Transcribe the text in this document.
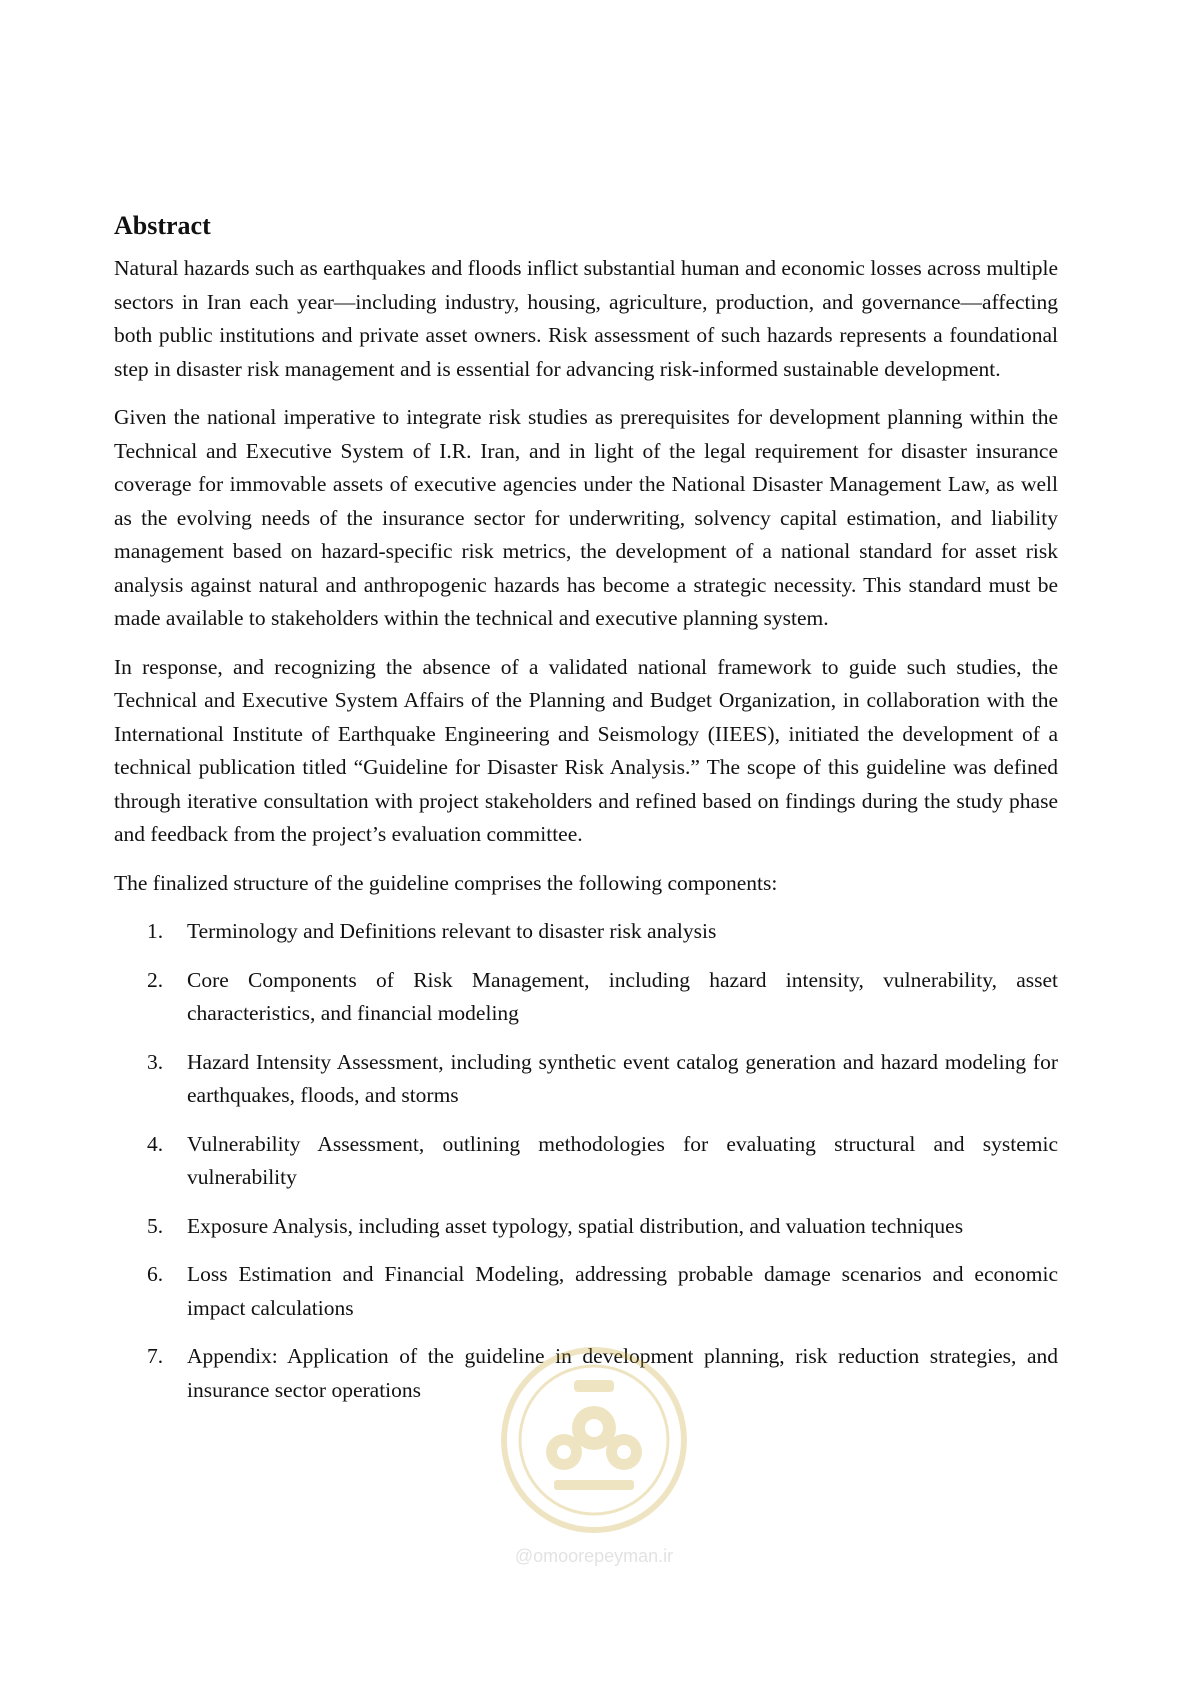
Abstract

Natural hazards such as earthquakes and floods inflict substantial human and economic losses across multiple sectors in Iran each year—including industry, housing, agriculture, production, and governance—affecting both public institutions and private asset owners. Risk assessment of such hazards represents a foundational step in disaster risk management and is essential for advancing risk-informed sustainable development.

Given the national imperative to integrate risk studies as prerequisites for development planning within the Technical and Executive System of I.R. Iran, and in light of the legal requirement for disaster insurance coverage for immovable assets of executive agencies under the National Disaster Management Law, as well as the evolving needs of the insurance sector for underwriting, solvency capital estimation, and liability management based on hazard-specific risk metrics, the development of a national standard for asset risk analysis against natural and anthropogenic hazards has become a strategic necessity. This standard must be made available to stakeholders within the technical and executive planning system.

In response, and recognizing the absence of a validated national framework to guide such studies, the Technical and Executive System Affairs of the Planning and Budget Organization, in collaboration with the International Institute of Earthquake Engineering and Seismology (IIEES), initiated the development of a technical publication titled “Guideline for Disaster Risk Analysis.” The scope of this guideline was defined through iterative consultation with project stakeholders and refined based on findings during the study phase and feedback from the project’s evaluation committee.

The finalized structure of the guideline comprises the following components:

1. Terminology and Definitions relevant to disaster risk analysis
2. Core Components of Risk Management, including hazard intensity, vulnerability, asset characteristics, and financial modeling
3. Hazard Intensity Assessment, including synthetic event catalog generation and hazard modeling for earthquakes, floods, and storms
4. Vulnerability Assessment, outlining methodologies for evaluating structural and systemic vulnerability
5. Exposure Analysis, including asset typology, spatial distribution, and valuation techniques
6. Loss Estimation and Financial Modeling, addressing probable damage scenarios and economic impact calculations
7. Appendix: Application of the guideline in development planning, risk reduction strategies, and insurance sector operations
@omoorepeyman.ir
